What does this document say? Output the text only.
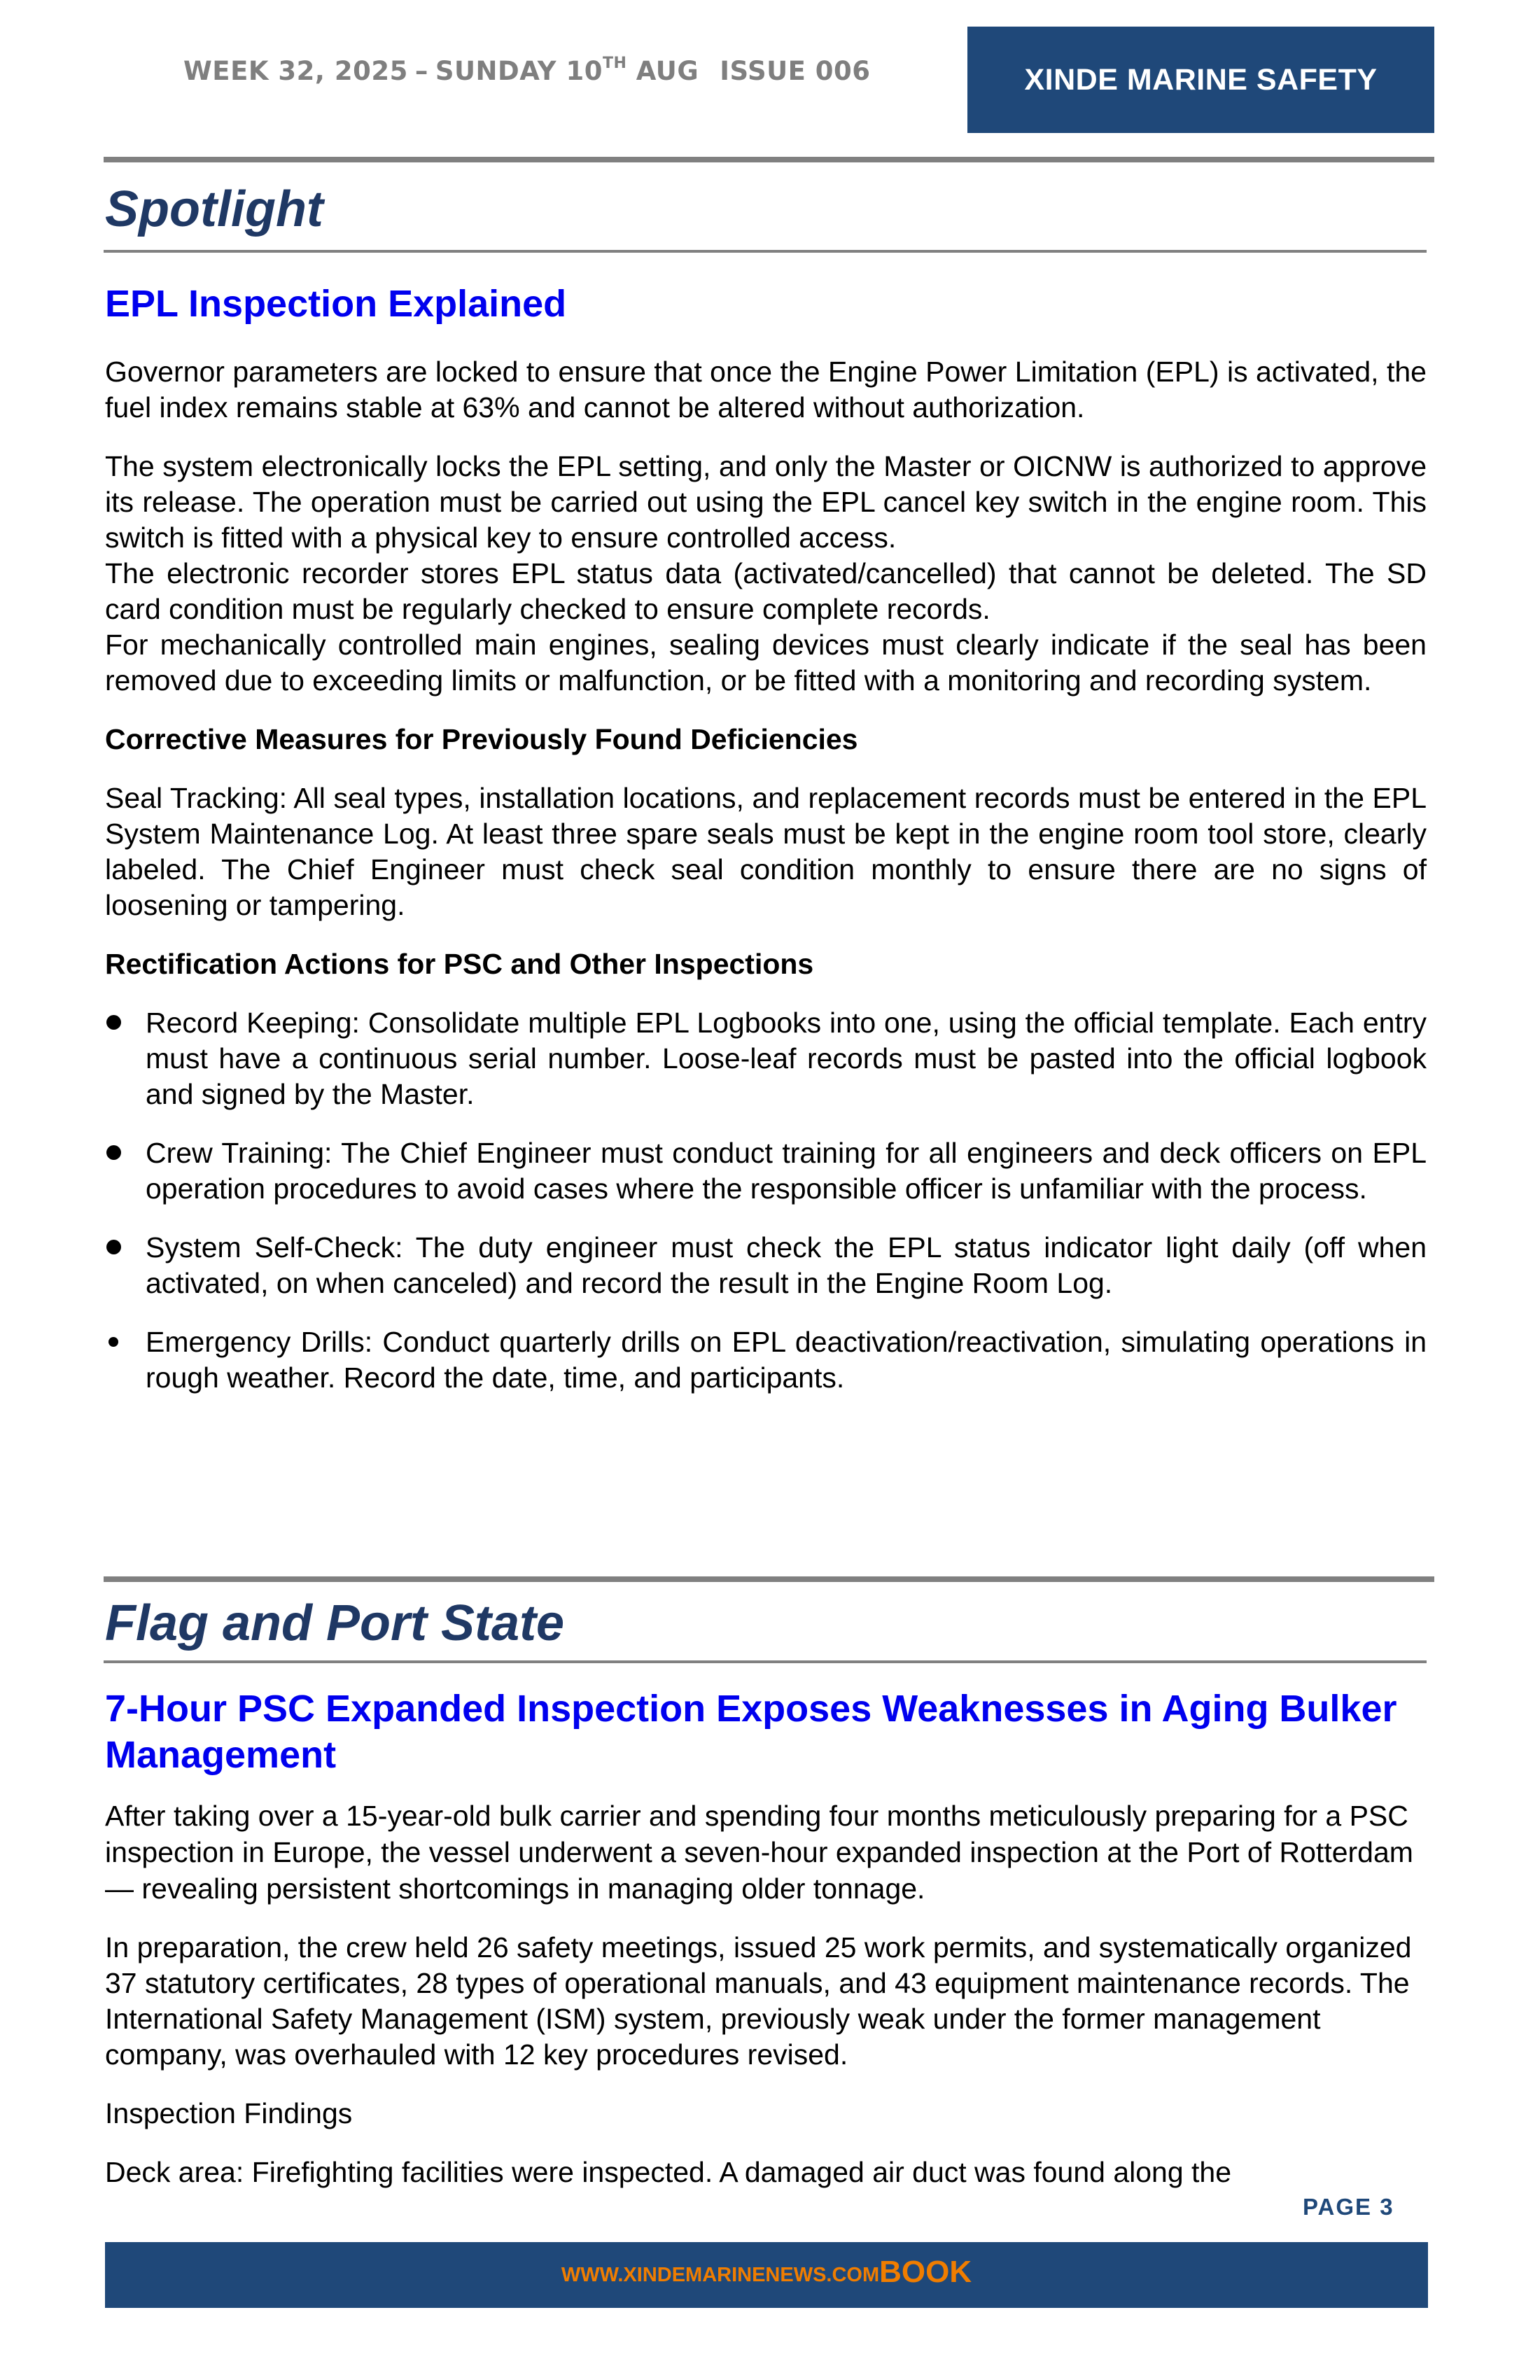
WEEK 32, 2025 – SUNDAY 10TH AUG ISSUE 006	XINDE MARINE SAFETY
Spotlight
EPL Inspection Explained

Governor parameters are locked to ensure that once the Engine Power Limitation (EPL) is activated, the fuel index remains stable at 63% and cannot be altered without authorization.

The system electronically locks the EPL setting, and only the Master or OICNW is authorized to approve its release. The operation must be carried out using the EPL cancel key switch in the engine room. This switch is fitted with a physical key to ensure controlled access.

The electronic recorder stores EPL status data (activated/cancelled) that cannot be deleted. The SD card condition must be regularly checked to ensure complete records.

For mechanically controlled main engines, sealing devices must clearly indicate if the seal has been removed due to exceeding limits or malfunction, or be fitted with a monitoring and recording system.

Corrective Measures for Previously Found Deficiencies

Seal Tracking: All seal types, installation locations, and replacement records must be entered in the EPL System Maintenance Log. At least three spare seals must be kept in the engine room tool store, clearly labeled. The Chief Engineer must check seal condition monthly to ensure there are no signs of loosening or tampering.

Rectification Actions for PSC and Other Inspections

Record Keeping: Consolidate multiple EPL Logbooks into one, using the official template. Each entry must have a continuous serial number. Loose-leaf records must be pasted into the official logbook and signed by the Master.
Crew Training: The Chief Engineer must conduct training for all engineers and deck officers on EPL operation procedures to avoid cases where the responsible officer is unfamiliar with the process.
System Self-Check: The duty engineer must check the EPL status indicator light daily (off when activated, on when canceled) and record the result in the Engine Room Log.
Emergency Drills: Conduct quarterly drills on EPL deactivation/reactivation, simulating operations in rough weather. Record the date, time, and participants.
Flag and Port State
7-Hour PSC Expanded Inspection Exposes Weaknesses in Aging Bulker Management

After taking over a 15-year-old bulk carrier and spending four months meticulously preparing for a PSC inspection in Europe, the vessel underwent a seven-hour expanded inspection at the Port of Rotterdam — revealing persistent shortcomings in managing older tonnage.

In preparation, the crew held 26 safety meetings, issued 25 work permits, and systematically organized 37 statutory certificates, 28 types of operational manuals, and 43 equipment maintenance records. The International Safety Management (ISM) system, previously weak under the former management company, was overhauled with 12 key procedures revised.

Inspection Findings

Deck area: Firefighting facilities were inspected. A damaged air duct was found along the

PAGE 3
WWW.XINDEMARINENEWS.COM BOOK
